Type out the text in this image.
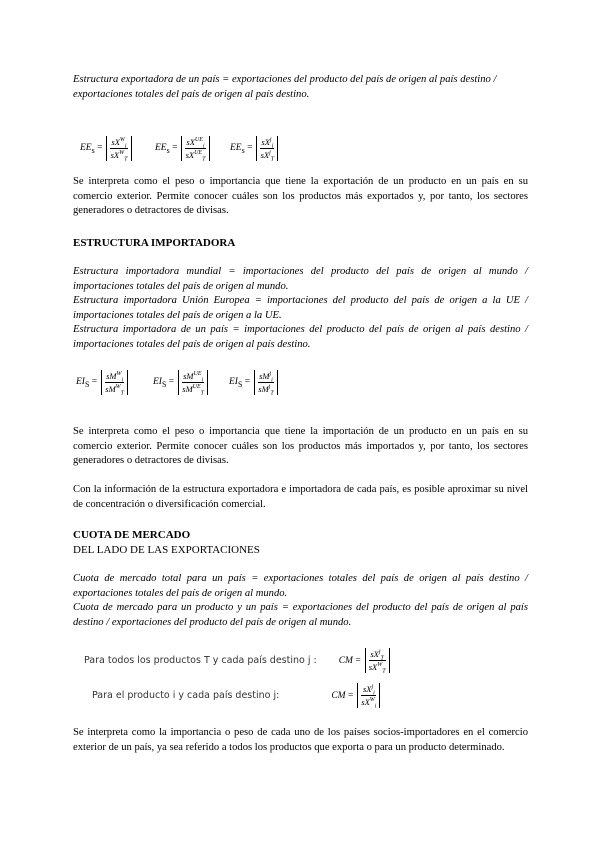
Estructura exportadora de un país = exportaciones del producto del país de origen al país destino / exportaciones totales del país de origen al país destino.
$EE_s = \frac{sX^W_i}{sX^W_T} EE_s = \frac{sX^{UE}_i}{sX^{UE}_T} EE_s = \frac{sX^j_i}{sX^j_T}$
Se interpreta como el peso o importancia que tiene la exportación de un producto en un país en su comercio exterior. Permite conocer cuáles son los productos más exportados y, por tanto, los sectores generadores o detractores de divisas.
ESTRUCTURA IMPORTADORA
Estructura importadora mundial = importaciones del producto del país de origen al mundo / importaciones totales del país de origen al mundo.
Estructura importadora Unión Europea = importaciones del producto del país de origen a la UE / importaciones totales del país de origen a la UE.
Estructura importadora de un país = importaciones del producto del país de origen al país destino / importaciones totales del país de origen al país destino.
$EI_S = \frac{sM^W_i}{sM^W_T}$	$EI_S = \frac{sM^{UE}_i}{sM^{UE}_T} EI_S = \frac{sM^j_i}{sM^j_T}$
Se interpreta como el peso o importancia que tiene la importación de un producto en un país en su comercio exterior. Permite conocer cuáles son los productos más importados y, por tanto, los sectores generadores o detractores de divisas.
Con la información de la estructura exportadora e importadora de cada país, es posible aproximar su nivel de concentración o diversificación comercial.
CUOTA DE MERCADO
DEL LADO DE LAS EXPORTACIONES
Cuota de mercado total para un país = exportaciones totales del país de origen al país destino / exportaciones totales del país de origen al mundo.
Cuota de mercado para un producto y un país = exportaciones del producto del país de origen al país destino / exportaciones del producto del país de origen al mundo.
Para todos los productos T y cada país destino j : CM = $\frac{sX^j_T}{sX^W_T}$
Para el producto i y cada país destino j:	CM = $\frac{sX^j_i}{sX^W_i}$
Se interpreta como la importancia o peso de cada uno de los países socios-importadores en el comercio exterior de un país, ya sea referido a todos los productos que exporta o para un producto determinado.
